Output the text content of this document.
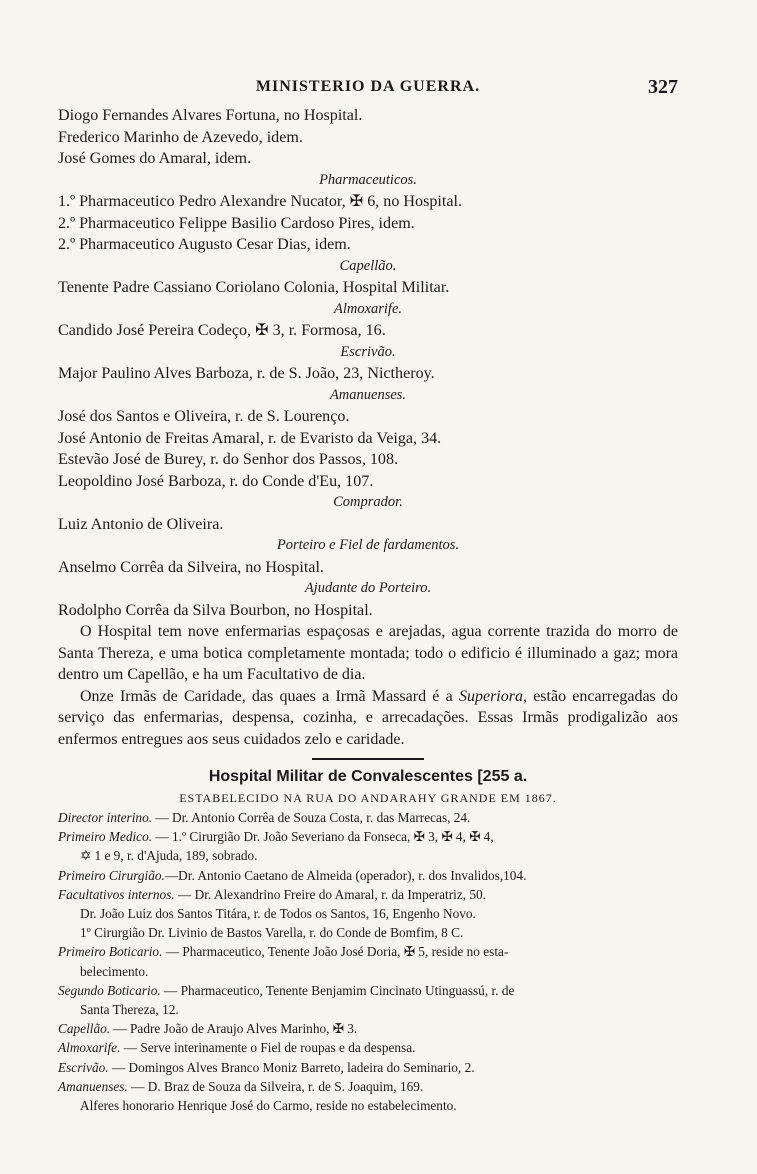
MINISTERIO DA GUERRA.	327
Diogo Fernandes Alvares Fortuna, no Hospital.
Frederico Marinho de Azevedo, idem.
José Gomes do Amaral, idem.
Pharmaceuticos.
1.º Pharmaceutico Pedro Alexandre Nucator, ✠ 6, no Hospital.
2.º Pharmaceutico Felippe Basilio Cardoso Pires, idem.
2.º Pharmaceutico Augusto Cesar Dias, idem.
Capellão.
Tenente Padre Cassiano Coriolano Colonia, Hospital Militar.
Almoxarife.
Candido José Pereira Codeço, ✠ 3, r. Formosa, 16.
Escrivão.
Major Paulino Alves Barboza, r. de S. João, 23, Nictheroy.
Amanuenses.
José dos Santos e Oliveira, r. de S. Lourenço.
José Antonio de Freitas Amaral, r. de Evaristo da Veiga, 34.
Estevão José de Burey, r. do Senhor dos Passos, 108.
Leopoldino José Barboza, r. do Conde d'Eu, 107.
Comprador.
Luiz Antonio de Oliveira.
Porteiro e Fiel de fardamentos.
Anselmo Corrêa da Silveira, no Hospital.
Ajudante do Porteiro.
Rodolpho Corrêa da Silva Bourbon, no Hospital.
O Hospital tem nove enfermarias espaçosas e arejadas, agua corrente trazida do morro de Santa Thereza, e uma botica completamente montada; todo o edificio é illuminado a gaz; mora dentro um Capellão, e ha um Facultativo de dia.
Onze Irmãs de Caridade, das quaes a Irmã Massard é a Superiora, estão encarregadas do serviço das enfermarias, despensa, cozinha, e arrecadações. Essas Irmãs prodigalizão aos enfermos entregues aos seus cuidados zelo e caridade.
Hospital Militar de Convalescentes [255 a.
ESTABELECIDO NA RUA DO ANDARAHY GRANDE EM 1867.
Director interino. — Dr. Antonio Corrêa de Souza Costa, r. das Marrecas, 24.
Primeiro Medico. — 1.º Cirurgião Dr. João Severiano da Fonseca, ✠ 3, ✠ 4, ✠ 4,
✡ 1 e 9, r. d'Ajuda, 189, sobrado.
Primeiro Cirurgião.—Dr. Antonio Caetano de Almeida (operador), r. dos Invalidos,104.
Facultativos internos. — Dr. Alexandrino Freire do Amaral, r. da Imperatriz, 50.
Dr. João Luiz dos Santos Titára, r. de Todos os Santos, 16, Engenho Novo.
1º Cirurgião Dr. Livinio de Bastos Varella, r. do Conde de Bomfim, 8 C.
Primeiro Boticario. — Pharmaceutico, Tenente João José Doria, ✠ 5, reside no esta-
belecimento.
Segundo Boticario. — Pharmaceutico, Tenente Benjamim Cincinato Utinguassú, r. de
Santa Thereza, 12.
Capellão. — Padre João de Araujo Alves Marinho, ✠ 3.
Almoxarife. — Serve interinamente o Fiel de roupas e da despensa.
Escrivão. — Domingos Alves Branco Moniz Barreto, ladeira do Seminario, 2.
Amanuenses. — D. Braz de Souza da Silveira, r. de S. Joaquim, 169.
Alferes honorario Henrique José do Carmo, reside no estabelecimento.
